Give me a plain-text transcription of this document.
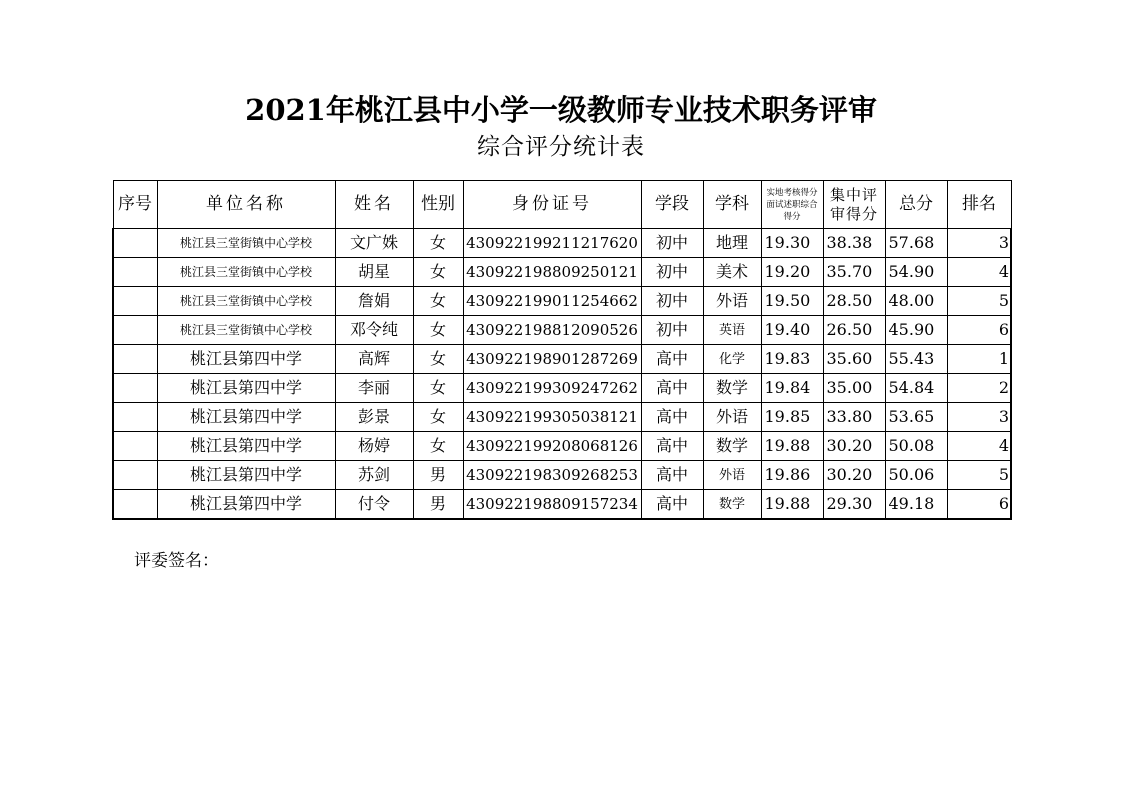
2021年桃江县中小学一级教师专业技术职务评审
综合评分统计表
序号	单位名称	姓名	性别	身份证号	学段	学科	实地考核得分面试述职综合得分	集中评审得分	总分	排名
	桃江县三堂街镇中心学校	文广姝	女	430922199211217620	初中	地理	19.30	38.38	57.68	3
	桃江县三堂街镇中心学校	胡星	女	430922198809250121	初中	美术	19.20	35.70	54.90	4
	桃江县三堂街镇中心学校	詹娟	女	430922199011254662	初中	外语	19.50	28.50	48.00	5
	桃江县三堂街镇中心学校	邓令纯	女	430922198812090526	初中	英语	19.40	26.50	45.90	6
	桃江县第四中学	高辉	女	430922198901287269	高中	化学	19.83	35.60	55.43	1
	桃江县第四中学	李丽	女	430922199309247262	高中	数学	19.84	35.00	54.84	2
	桃江县第四中学	彭景	女	430922199305038121	高中	外语	19.85	33.80	53.65	3
	桃江县第四中学	杨婷	女	430922199208068126	高中	数学	19.88	30.20	50.08	4
	桃江县第四中学	苏剑	男	430922198309268253	高中	外语	19.86	30.20	50.06	5
	桃江县第四中学	付令	男	430922198809157234	高中	数学	19.88	29.30	49.18	6
评委签名：
